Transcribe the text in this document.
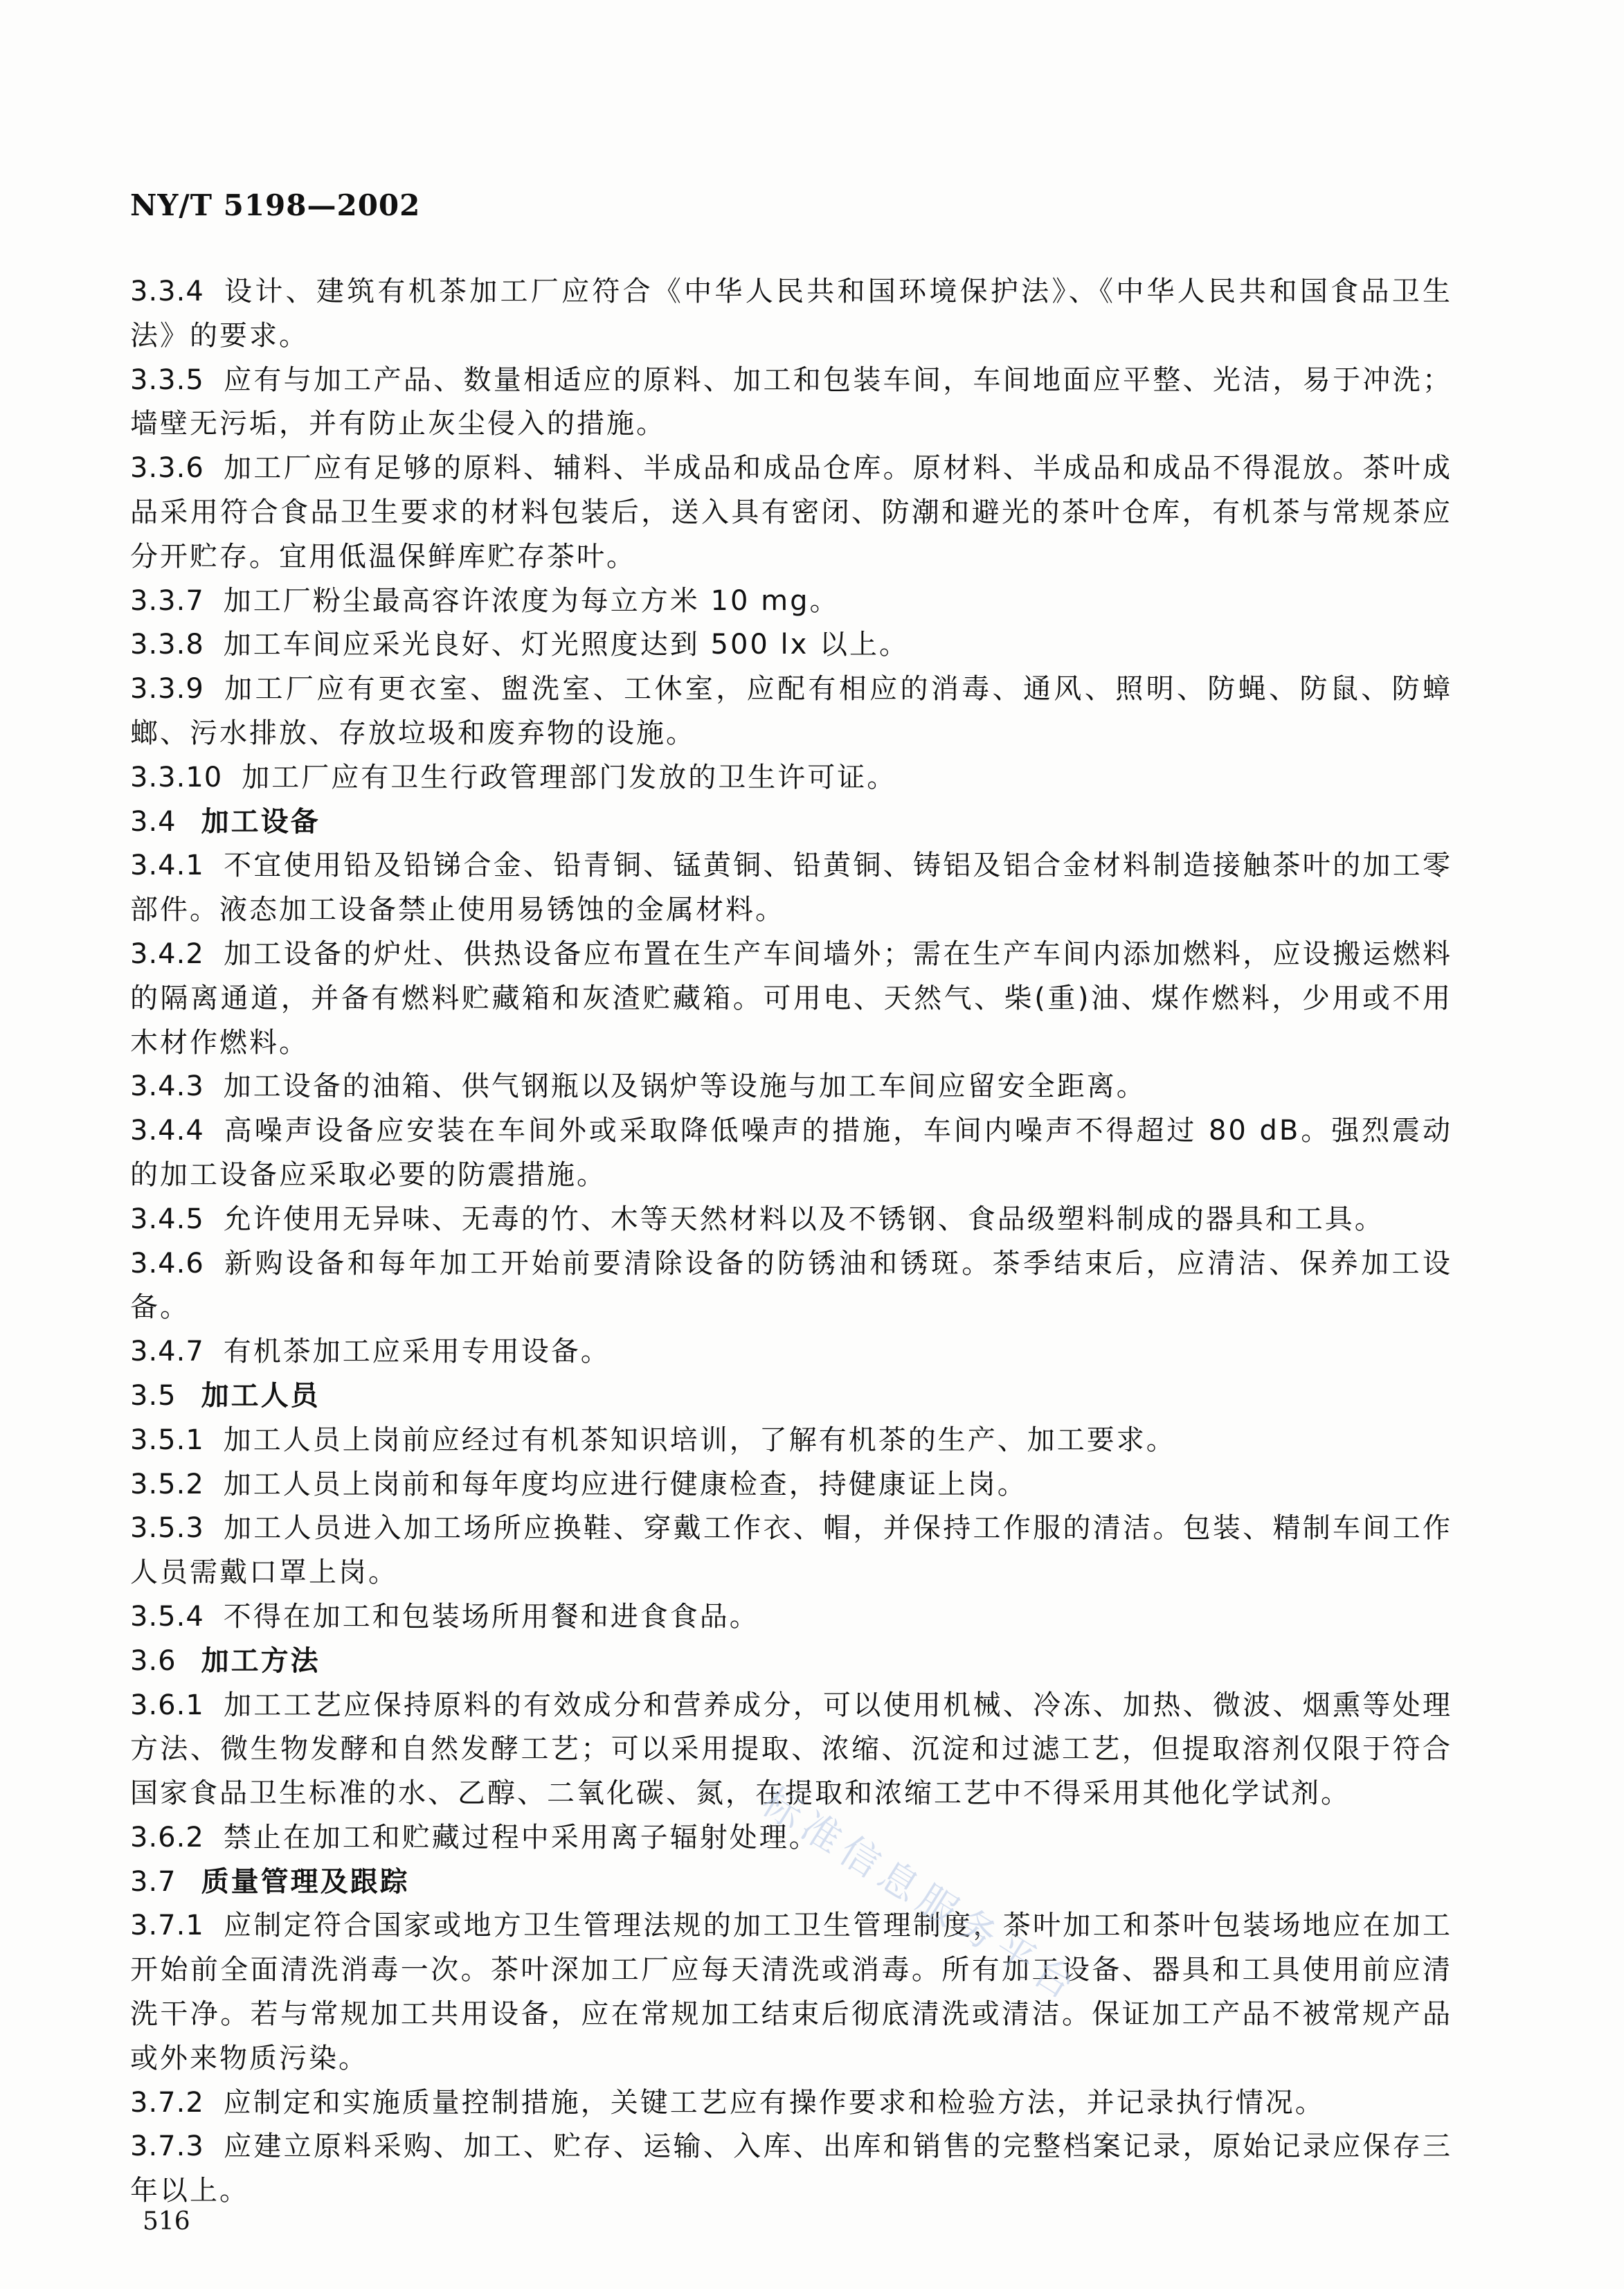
NY/T 5198—2002
3.3.4 设计、建筑有机茶加工厂应符合《中华人民共和国环境保护法》、《中华人民共和国食品卫生法》的要求。
3.3.5 应有与加工产品、数量相适应的原料、加工和包装车间，车间地面应平整、光洁，易于冲洗；墙壁无污垢，并有防止灰尘侵入的措施。
3.3.6 加工厂应有足够的原料、辅料、半成品和成品仓库。原材料、半成品和成品不得混放。茶叶成品采用符合食品卫生要求的材料包装后，送入具有密闭、防潮和避光的茶叶仓库，有机茶与常规茶应分开贮存。宜用低温保鲜库贮存茶叶。
3.3.7 加工厂粉尘最高容许浓度为每立方米 10 mg。
3.3.8 加工车间应采光良好、灯光照度达到 500 lx 以上。
3.3.9 加工厂应有更衣室、盥洗室、工休室，应配有相应的消毒、通风、照明、防蝇、防鼠、防蟑螂、污水排放、存放垃圾和废弃物的设施。
3.3.10 加工厂应有卫生行政管理部门发放的卫生许可证。
3.4 加工设备
3.4.1 不宜使用铅及铅锑合金、铅青铜、锰黄铜、铅黄铜、铸铝及铝合金材料制造接触茶叶的加工零部件。液态加工设备禁止使用易锈蚀的金属材料。
3.4.2 加工设备的炉灶、供热设备应布置在生产车间墙外；需在生产车间内添加燃料，应设搬运燃料的隔离通道，并备有燃料贮藏箱和灰渣贮藏箱。可用电、天然气、柴(重)油、煤作燃料，少用或不用木材作燃料。
3.4.3 加工设备的油箱、供气钢瓶以及锅炉等设施与加工车间应留安全距离。
3.4.4 高噪声设备应安装在车间外或采取降低噪声的措施，车间内噪声不得超过 80 dB。强烈震动的加工设备应采取必要的防震措施。
3.4.5 允许使用无异味、无毒的竹、木等天然材料以及不锈钢、食品级塑料制成的器具和工具。
3.4.6 新购设备和每年加工开始前要清除设备的防锈油和锈斑。茶季结束后，应清洁、保养加工设备。
3.4.7 有机茶加工应采用专用设备。
3.5 加工人员
3.5.1 加工人员上岗前应经过有机茶知识培训，了解有机茶的生产、加工要求。
3.5.2 加工人员上岗前和每年度均应进行健康检查，持健康证上岗。
3.5.3 加工人员进入加工场所应换鞋、穿戴工作衣、帽，并保持工作服的清洁。包装、精制车间工作人员需戴口罩上岗。
3.5.4 不得在加工和包装场所用餐和进食食品。
3.6 加工方法
3.6.1 加工工艺应保持原料的有效成分和营养成分，可以使用机械、冷冻、加热、微波、烟熏等处理方法、微生物发酵和自然发酵工艺；可以采用提取、浓缩、沉淀和过滤工艺，但提取溶剂仅限于符合国家食品卫生标准的水、乙醇、二氧化碳、氮，在提取和浓缩工艺中不得采用其他化学试剂。
3.6.2 禁止在加工和贮藏过程中采用离子辐射处理。
3.7 质量管理及跟踪
3.7.1 应制定符合国家或地方卫生管理法规的加工卫生管理制度，茶叶加工和茶叶包装场地应在加工开始前全面清洗消毒一次。茶叶深加工厂应每天清洗或消毒。所有加工设备、器具和工具使用前应清洗干净。若与常规加工共用设备，应在常规加工结束后彻底清洗或清洁。保证加工产品不被常规产品或外来物质污染。
3.7.2 应制定和实施质量控制措施，关键工艺应有操作要求和检验方法，并记录执行情况。
3.7.3 应建立原料采购、加工、贮存、运输、入库、出库和销售的完整档案记录，原始记录应保存三年以上。
标准信息服务平台
516
